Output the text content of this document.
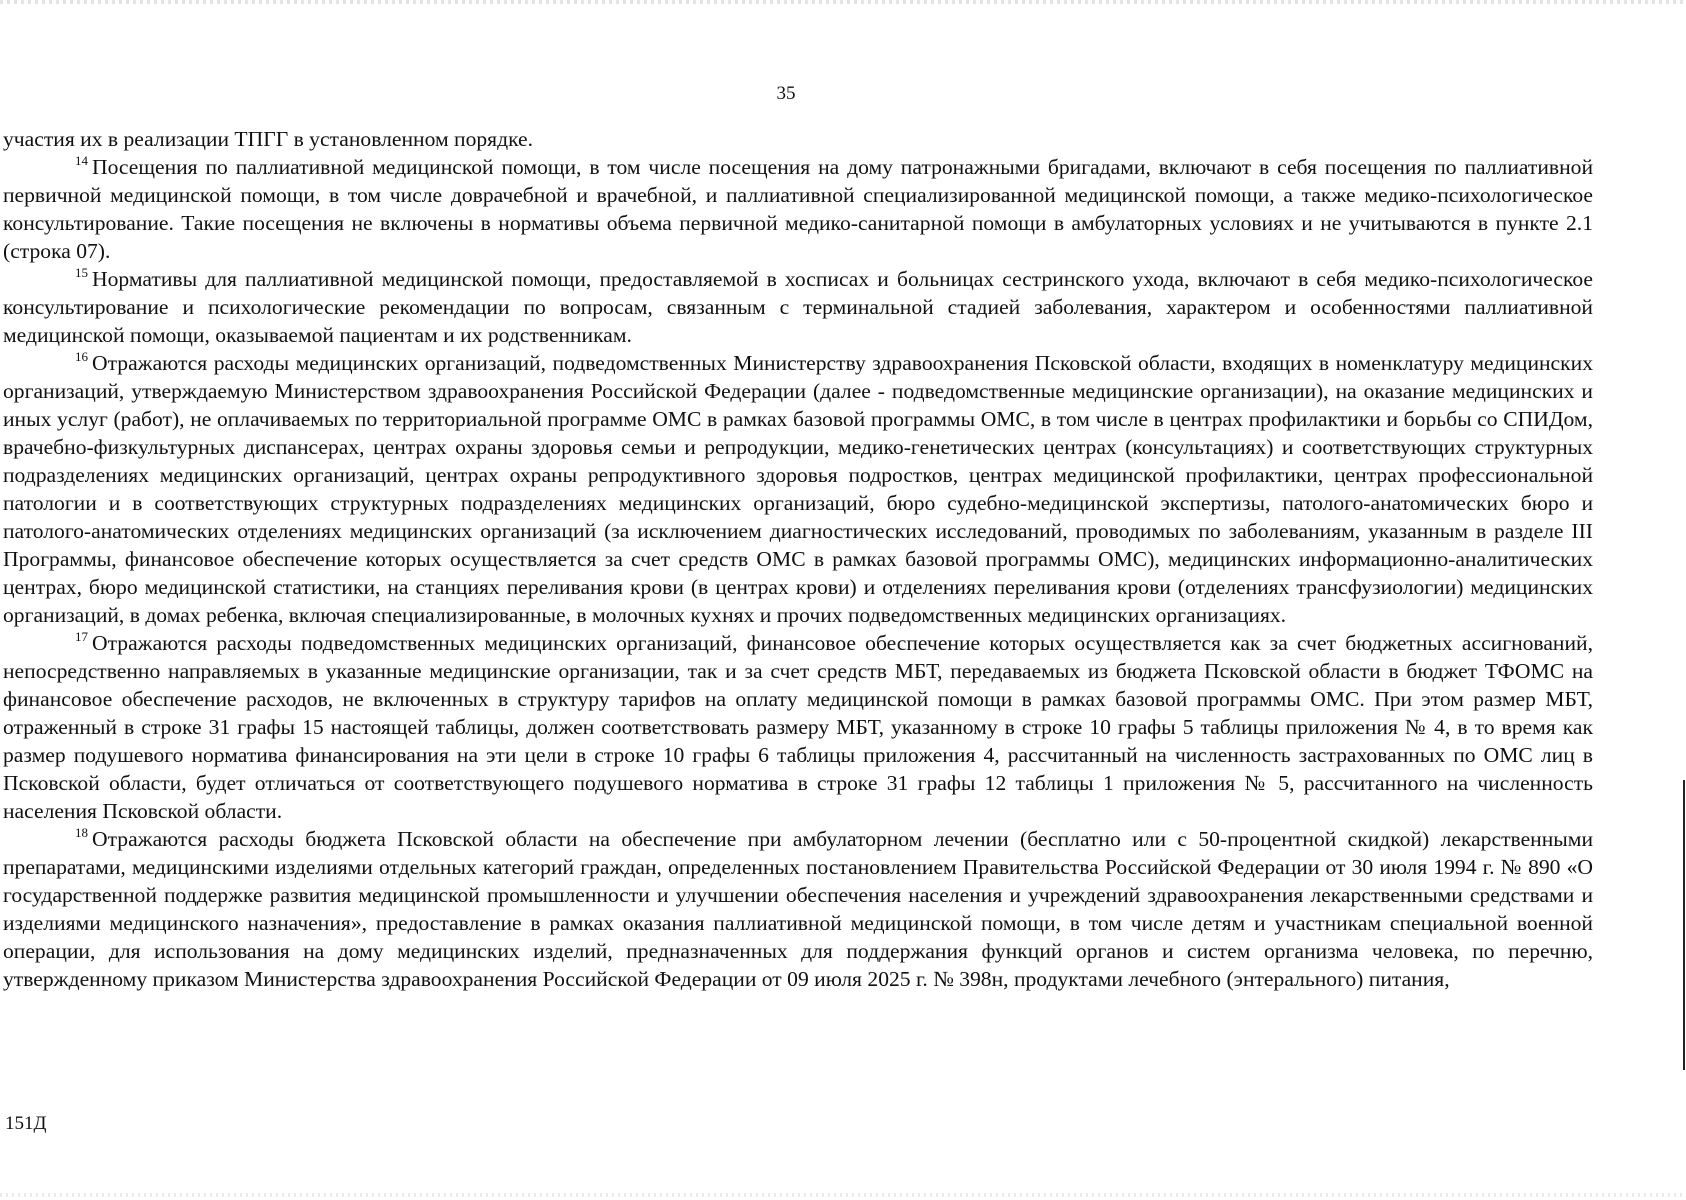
35

участия их в реализации ТПГГ в установленном порядке.

$^{14}$ Посещения по паллиативной медицинской помощи, в том числе посещения на дому патронажными бригадами, включают в себя посещения по паллиативной первичной медицинской помощи, в том числе доврачебной и врачебной, и паллиативной специализированной медицинской помощи, а также медико-психологическое консультирование. Такие посещения не включены в нормативы объема первичной медико-санитарной помощи в амбулаторных условиях и не учитываются в пункте 2.1 (строка 07).

$^{15}$ Нормативы для паллиативной медицинской помощи, предоставляемой в хосписах и больницах сестринского ухода, включают в себя медико-психологическое консультирование и психологические рекомендации по вопросам, связанным с терминальной стадией заболевания, характером и особенностями паллиативной медицинской помощи, оказываемой пациентам и их родственникам.

$^{16}$ Отражаются расходы медицинских организаций, подведомственных Министерству здравоохранения Псковской области, входящих в номенклатуру медицинских организаций, утверждаемую Министерством здравоохранения Российской Федерации (далее - подведомственные медицинские организации), на оказание медицинских и иных услуг (работ), не оплачиваемых по территориальной программе ОМС в рамках базовой программы ОМС, в том числе в центрах профилактики и борьбы со СПИДом, врачебно-физкультурных диспансерах, центрах охраны здоровья семьи и репродукции, медико-генетических центрах (консультациях) и соответствующих структурных подразделениях медицинских организаций, центрах охраны репродуктивного здоровья подростков, центрах медицинской профилактики, центрах профессиональной патологии и в соответствующих структурных подразделениях медицинских организаций, бюро судебно-медицинской экспертизы, патолого-анатомических бюро и патолого-анатомических отделениях медицинских организаций (за исключением диагностических исследований, проводимых по заболеваниям, указанным в разделе III Программы, финансовое обеспечение которых осуществляется за счет средств ОМС в рамках базовой программы ОМС), медицинских информационно-аналитических центрах, бюро медицинской статистики, на станциях переливания крови (в центрах крови) и отделениях переливания крови (отделениях трансфузиологии) медицинских организаций, в домах ребенка, включая специализированные, в молочных кухнях и прочих подведомственных медицинских организациях.

$^{17}$ Отражаются расходы подведомственных медицинских организаций, финансовое обеспечение которых осуществляется как за счет бюджетных ассигнований, непосредственно направляемых в указанные медицинские организации, так и за счет средств МБТ, передаваемых из бюджета Псковской области в бюджет ТФОМС на финансовое обеспечение расходов, не включенных в структуру тарифов на оплату медицинской помощи в рамках базовой программы ОМС. При этом размер МБТ, отраженный в строке 31 графы 15 настоящей таблицы, должен соответствовать размеру МБТ, указанному в строке 10 графы 5 таблицы приложения № 4, в то время как размер подушевого норматива финансирования на эти цели в строке 10 графы 6 таблицы приложения 4, рассчитанный на численность застрахованных по ОМС лиц в Псковской области, будет отличаться от соответствующего подушевого норматива в строке 31 графы 12 таблицы 1 приложения № 5, рассчитанного на численность населения Псковской области.

$^{18}$ Отражаются расходы бюджета Псковской области на обеспечение при амбулаторном лечении (бесплатно или с 50-процентной скидкой) лекарственными препаратами, медицинскими изделиями отдельных категорий граждан, определенных постановлением Правительства Российской Федерации от 30 июля 1994 г. № 890 «О государственной поддержке развития медицинской промышленности и улучшении обеспечения населения и учреждений здравоохранения лекарственными средствами и изделиями медицинского назначения», предоставление в рамках оказания паллиативной медицинской помощи, в том числе детям и участникам специальной военной операции, для использования на дому медицинских изделий, предназначенных для поддержания функций органов и систем организма человека, по перечню, утвержденному приказом Министерства здравоохранения Российской Федерации от 09 июля 2025 г. № 398н, продуктами лечебного (энтерального) питания,

151Д
